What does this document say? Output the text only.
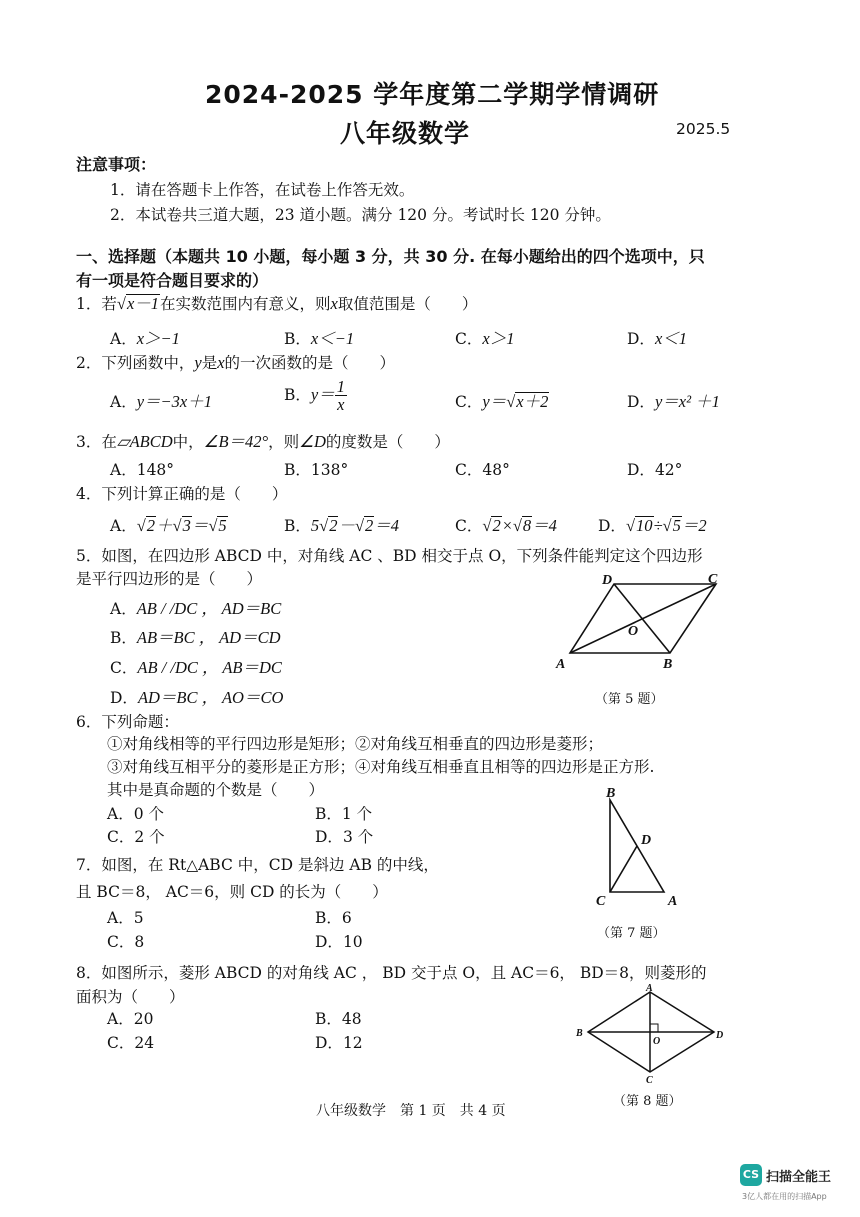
2024-2025 学年度第二学期学情调研
八年级数学	2025.5
注意事项：
1．请在答题卡上作答，在试卷上作答无效。
2．本试卷共三道大题，23 道小题。满分 120 分。考试时长 120 分钟。
一、选择题（本题共 10 小题，每小题 3 分，共 30 分. 在每小题给出的四个选项中，只
有一项是符合题目要求的）
1．若√x－1在实数范围内有意义，则x取值范围是（　　）
A．x＞−1	B．x＜−1	C．x＞1	D．x＜1
2．下列函数中，y是x的一次函数的是（　　）
A．y＝−3x＋1	B．$y= \frac{1}{x}$	C．y＝√x＋2	D．y＝x² ＋1
3．在▱ABCD中，∠B＝42°，则∠D的度数是（　　）
A．148°	B．138°	C．48°	D．42°
4．下列计算正确的是（　　）
A．√2＋√3＝√5	B．5√2－√2＝4	C．√2×√8＝4	D．√10÷√5＝2
5．如图，在四边形 ABCD 中，对角线 AC 、BD 相交于点 O，下列条件能判定这个四边形
是平行四边形的是（　　）
A．AB / /DC ， AD＝BC
B．AB＝BC ， AD＝CD
C．AB / /DC ， AB＝DC
D．AD＝BC ， AO＝CO
A	B
C
D
O
（第 5 题）
6．下列命题：
①对角线相等的平行四边形是矩形；②对角线互相垂直的四边形是菱形；
③对角线互相平分的菱形是正方形；④对角线互相垂直且相等的四边形是正方形.
其中是真命题的个数是（　　）
A．0 个	B．1 个
C．2 个	D．3 个
7．如图，在 Rt△ABC 中，CD 是斜边 AB 的中线，
且 BC＝8， AC＝6，则 CD 的长为（　　）
A．5	B．6
C．8	D．10
B
C	A
D
（第 7 题）
8．如图所示，菱形 ABCD 的对角线 AC ， BD 交于点 O，且 AC＝6， BD＝8，则菱形的
面积为（　　）
A．20	B．48
C．24	D．12
A
B
C
D
O
（第 8 题）
八年级数学　第 1 页　共 4 页
CS 扫描全能王
3亿人都在用的扫描App
